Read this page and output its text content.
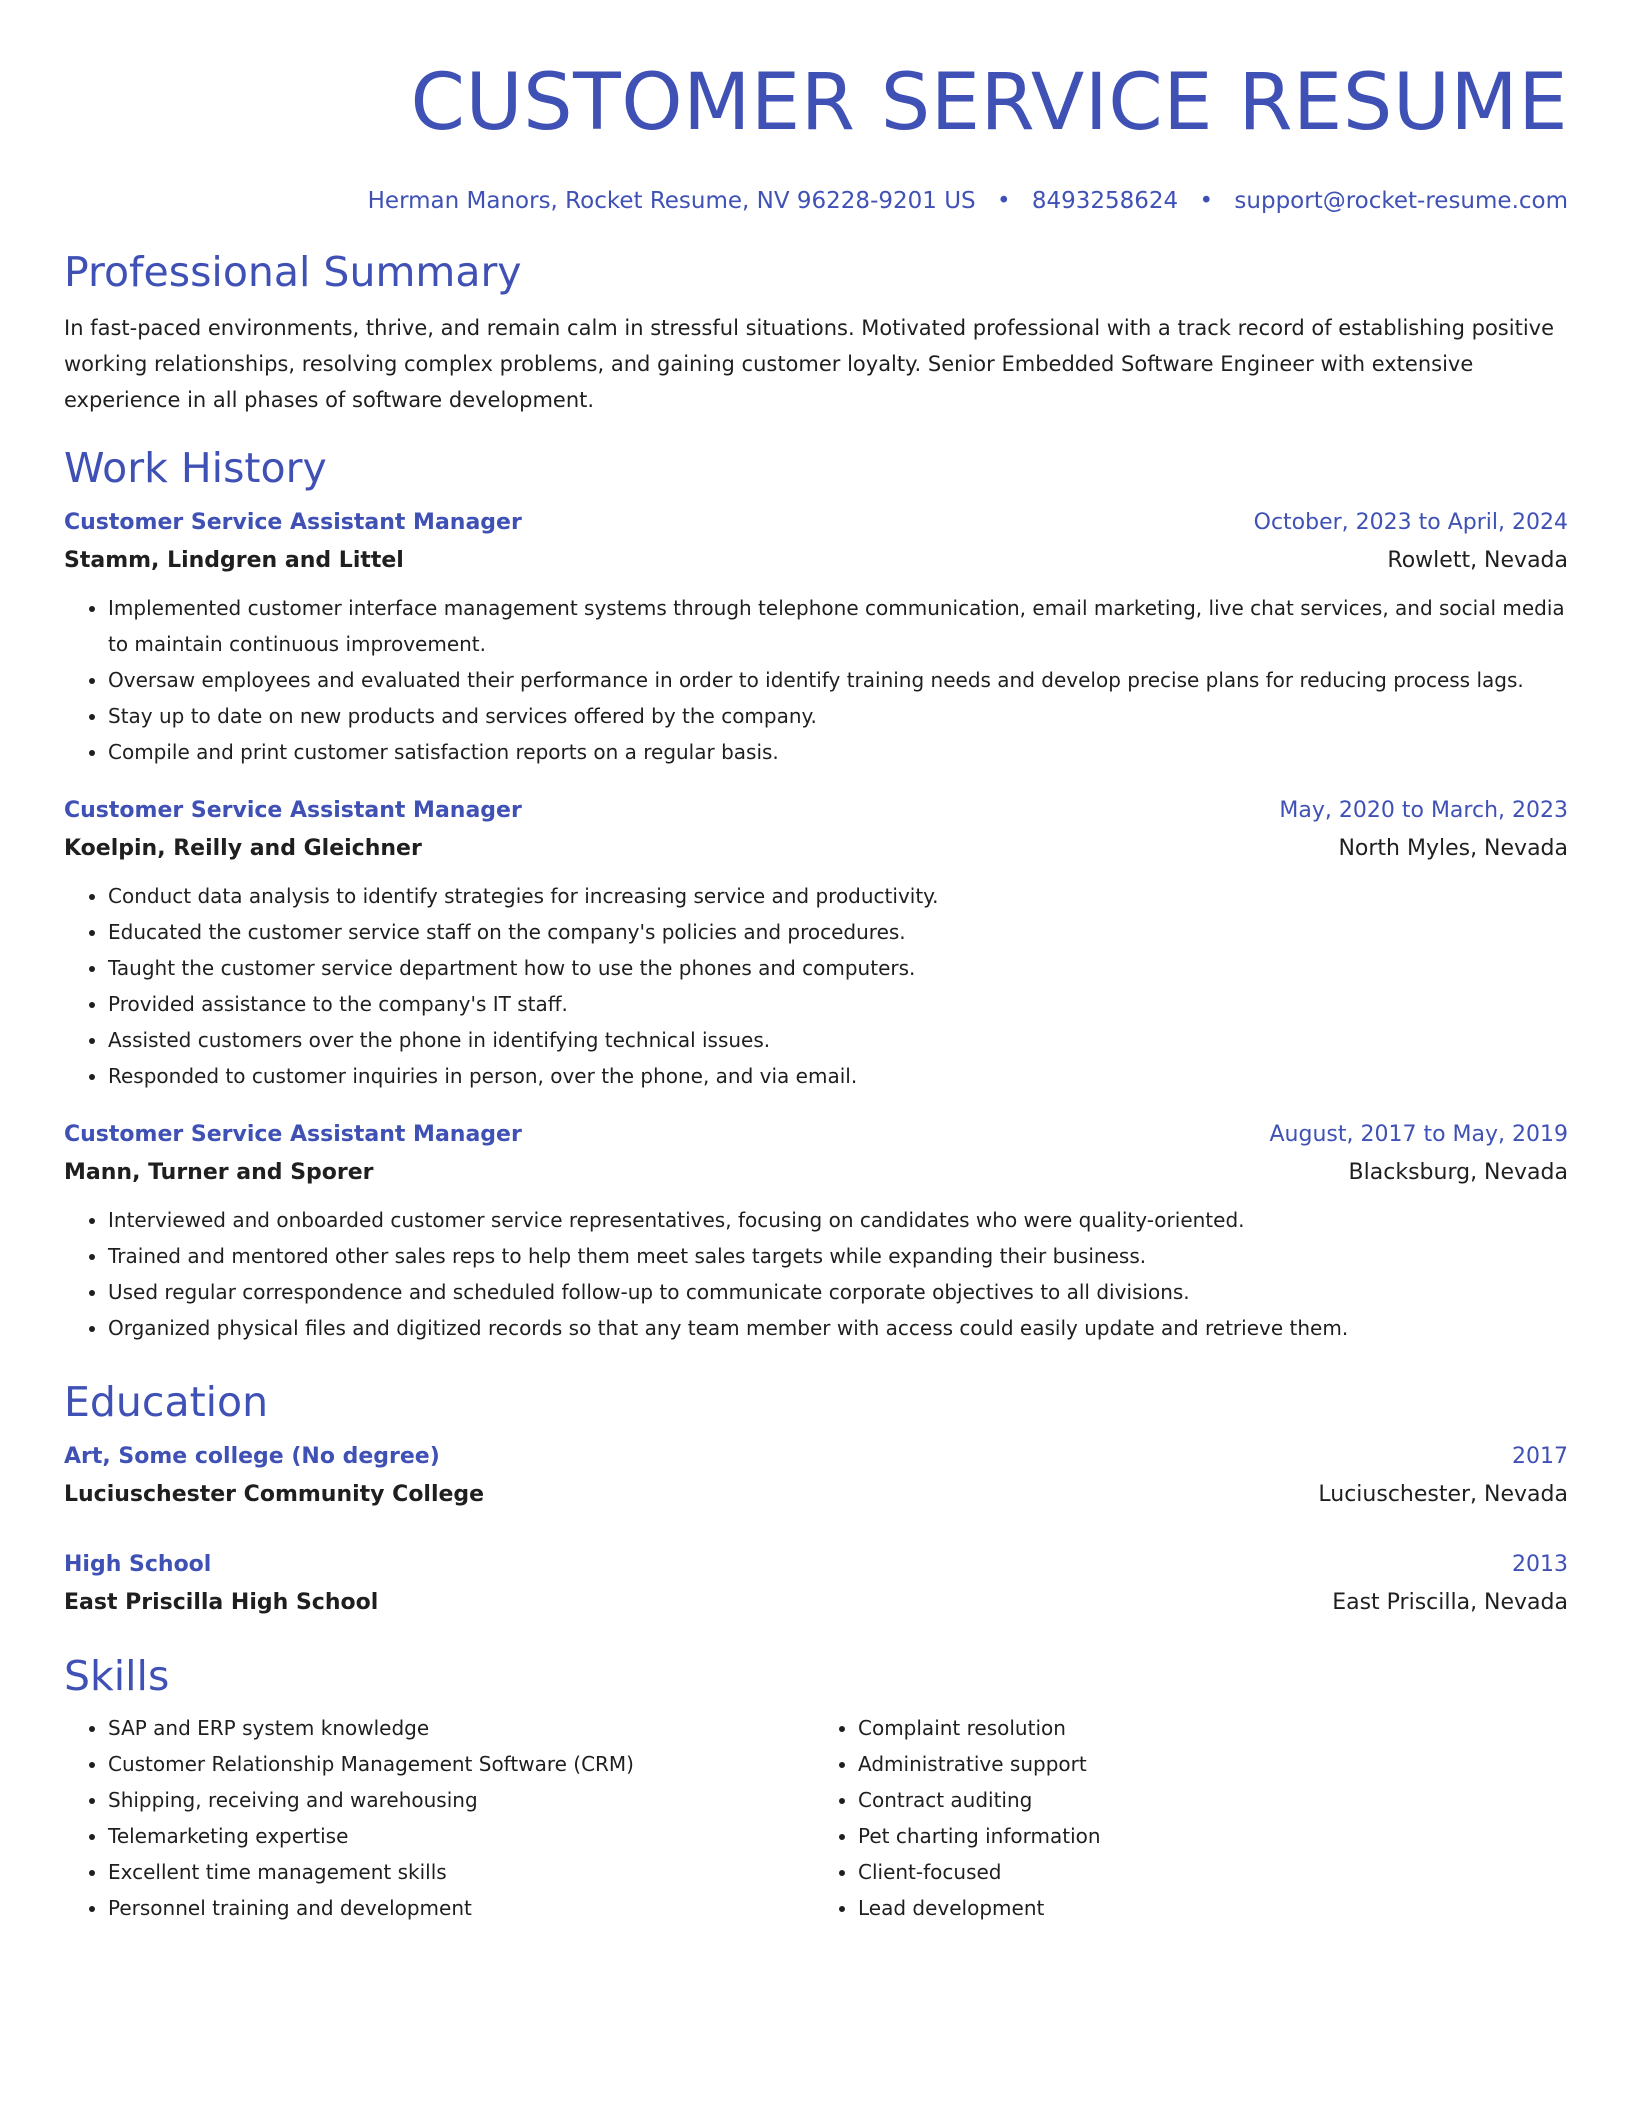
CUSTOMER SERVICE RESUME
Herman Manors, Rocket Resume, NV 96228-9201 US • 8493258624 • support@rocket-resume.com
Professional Summary

In fast-paced environments, thrive, and remain calm in stressful situations. Motivated professional with a track record of establishing positive working relationships, resolving complex problems, and gaining customer loyalty. Senior Embedded Software Engineer with extensive experience in all phases of software development.

Work History
Customer Service Assistant Manager	October, 2023 to April, 2024
Stamm, Lindgren and Littel	Rowlett, Nevada
• Implemented customer interface management systems through telephone communication, email marketing, live chat services, and social media to maintain continuous improvement.
• Oversaw employees and evaluated their performance in order to identify training needs and develop precise plans for reducing process lags.
• Stay up to date on new products and services offered by the company.
• Compile and print customer satisfaction reports on a regular basis.
Customer Service Assistant Manager	May, 2020 to March, 2023
Koelpin, Reilly and Gleichner	North Myles, Nevada
• Conduct data analysis to identify strategies for increasing service and productivity.
• Educated the customer service staff on the company's policies and procedures.
• Taught the customer service department how to use the phones and computers.
• Provided assistance to the company's IT staff.
• Assisted customers over the phone in identifying technical issues.
• Responded to customer inquiries in person, over the phone, and via email.
Customer Service Assistant Manager	August, 2017 to May, 2019
Mann, Turner and Sporer	Blacksburg, Nevada
• Interviewed and onboarded customer service representatives, focusing on candidates who were quality-oriented.
• Trained and mentored other sales reps to help them meet sales targets while expanding their business.
• Used regular correspondence and scheduled follow-up to communicate corporate objectives to all divisions.
• Organized physical files and digitized records so that any team member with access could easily update and retrieve them.
Education
Art, Some college (No degree)	2017
Luciuschester Community College	Luciuschester, Nevada
High School	2013
East Priscilla High School	East Priscilla, Nevada
Skills
• SAP and ERP system knowledge
• Customer Relationship Management Software (CRM)
• Shipping, receiving and warehousing
• Telemarketing expertise
• Excellent time management skills
• Personnel training and development
• Complaint resolution
• Administrative support
• Contract auditing
• Pet charting information
• Client-focused
• Lead development
